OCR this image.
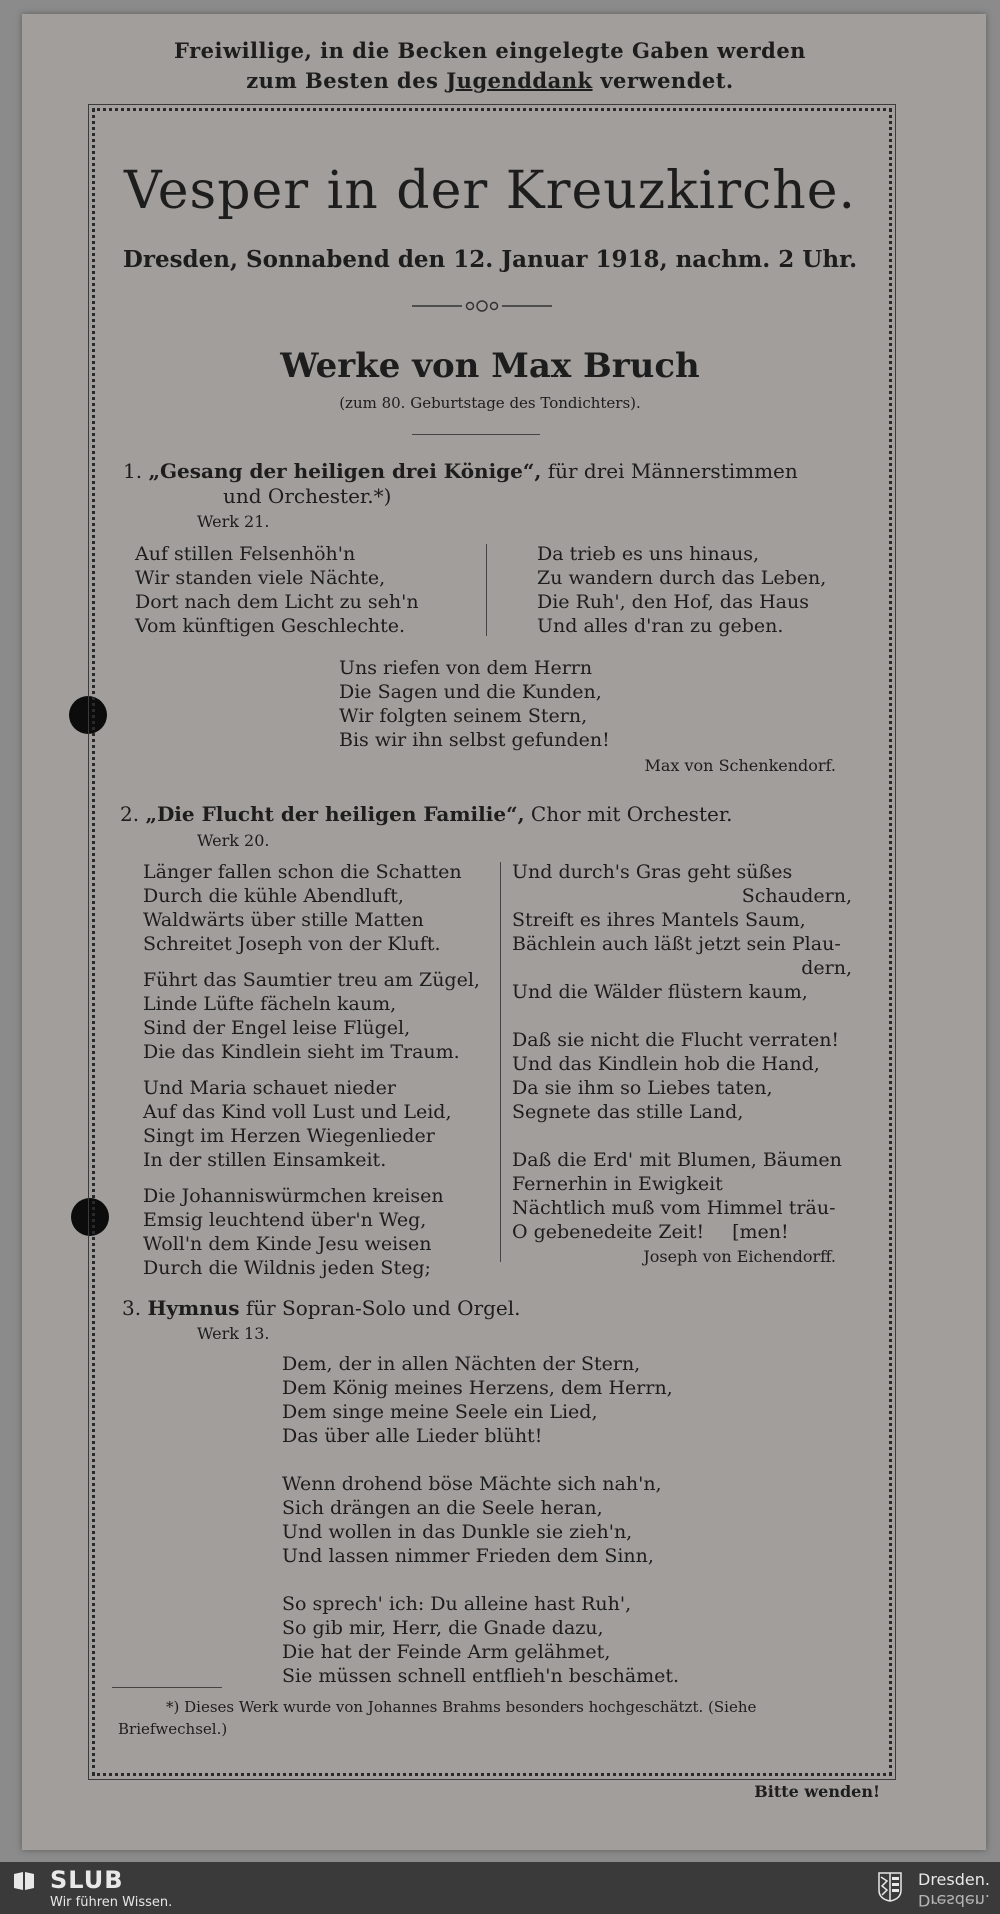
Freiwillige, in die Becken eingelegte Gaben werden
zum Besten des Jugenddank verwendet.
Vesper in der Kreuzkirche.
Dresden, Sonnabend den 12. Januar 1918, nachm. 2 Uhr.
Werke von Max Bruch
(zum 80. Geburtstage des Tondichters).
1. „Gesang der heiligen drei Könige“, für drei Männerstimmen
und Orchester.*)
Werk 21.
Auf stillen Felsenhöh'n
Wir standen viele Nächte,
Dort nach dem Licht zu seh'n
Vom künftigen Geschlechte.
Da trieb es uns hinaus,
Zu wandern durch das Leben,
Die Ruh', den Hof, das Haus
Und alles d'ran zu geben.
Uns riefen von dem Herrn
Die Sagen und die Kunden,
Wir folgten seinem Stern,
Bis wir ihn selbst gefunden!
Max von Schenkendorf.
2. „Die Flucht der heiligen Familie“, Chor mit Orchester.
Werk 20.
Länger fallen schon die Schatten
Durch die kühle Abendluft,
Waldwärts über stille Matten
Schreitet Joseph von der Kluft.
Führt das Saumtier treu am Zügel,
Linde Lüfte fächeln kaum,
Sind der Engel leise Flügel,
Die das Kindlein sieht im Traum.
Und Maria schauet nieder
Auf das Kind voll Lust und Leid,
Singt im Herzen Wiegenlieder
In der stillen Einsamkeit.
Die Johanniswürmchen kreisen
Emsig leuchtend über'n Weg,
Woll'n dem Kinde Jesu weisen
Durch die Wildnis jeden Steg;
Und durch's Gras geht süßes
Schaudern,
Streift es ihres Mantels Saum,
Bächlein auch läßt jetzt sein Plau-
dern,
Und die Wälder flüstern kaum,
Daß sie nicht die Flucht verraten!
Und das Kindlein hob die Hand,
Da sie ihm so Liebes taten,
Segnete das stille Land,
Daß die Erd' mit Blumen, Bäumen
Fernerhin in Ewigkeit
Nächtlich muß vom Himmel träu-
O gebenedeite Zeit! [men!
Joseph von Eichendorff.
3. Hymnus für Sopran-Solo und Orgel.
Werk 13.
Dem, der in allen Nächten der Stern,
Dem König meines Herzens, dem Herrn,
Dem singe meine Seele ein Lied,
Das über alle Lieder blüht!
Wenn drohend böse Mächte sich nah'n,
Sich drängen an die Seele heran,
Und wollen in das Dunkle sie zieh'n,
Und lassen nimmer Frieden dem Sinn,
So sprech' ich: Du alleine hast Ruh',
So gib mir, Herr, die Gnade dazu,
Die hat der Feinde Arm gelähmet,
Sie müssen schnell entflieh'n beschämet.
*) Dieses Werk wurde von Johannes Brahms besonders hochgeschätzt. (Siehe
Briefwechsel.)
Bitte wenden!
SLUB
Wir führen Wissen.
Dresden.
Dresden.
